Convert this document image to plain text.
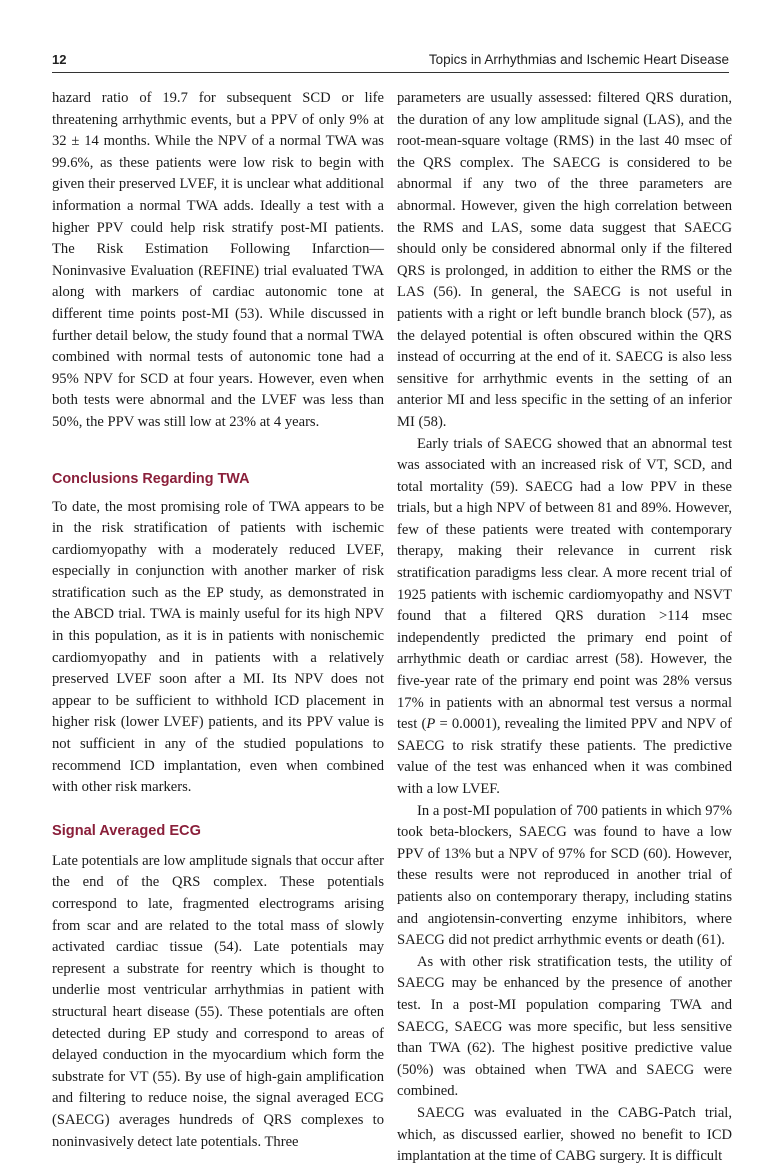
12	Topics in Arrhythmias and Ischemic Heart Disease

hazard ratio of 19.7 for subsequent SCD or life threatening arrhythmic events, but a PPV of only 9% at 32 ± 14 months. While the NPV of a normal TWA was 99.6%, as these patients were low risk to begin with given their preserved LVEF, it is unclear what additional information a normal TWA adds. Ideally a test with a higher PPV could help risk stratify post-MI patients. The Risk Estimation Following Infarction—Noninvasive Evaluation (REFINE) trial evaluated TWA along with markers of cardiac autonomic tone at different time points post-MI (53). While discussed in further detail below, the study found that a normal TWA combined with normal tests of autonomic tone had a 95% NPV for SCD at four years. However, even when both tests were abnormal and the LVEF was less than 50%, the PPV was still low at 23% at 4 years.

Conclusions Regarding TWA

To date, the most promising role of TWA appears to be in the risk stratification of patients with ischemic cardiomyopathy with a moderately reduced LVEF, especially in conjunction with another marker of risk stratification such as the EP study, as demonstrated in the ABCD trial. TWA is mainly useful for its high NPV in this population, as it is in patients with nonischemic cardiomyopathy and in patients with a relatively preserved LVEF soon after a MI. Its NPV does not appear to be sufficient to withhold ICD placement in higher risk (lower LVEF) patients, and its PPV value is not sufficient in any of the studied populations to recommend ICD implantation, even when combined with other risk markers.

Signal Averaged ECG

Late potentials are low amplitude signals that occur after the end of the QRS complex. These potentials correspond to late, fragmented electrograms arising from scar and are related to the total mass of slowly activated cardiac tissue (54). Late potentials may represent a substrate for reentry which is thought to underlie most ventricular arrhythmias in patient with structural heart disease (55). These potentials are often detected during EP study and correspond to areas of delayed conduction in the myocardium which form the substrate for VT (55). By use of high-gain amplification and filtering to reduce noise, the signal averaged ECG (SAECG) averages hundreds of QRS complexes to noninvasively detect late potentials. Three

parameters are usually assessed: filtered QRS duration, the duration of any low amplitude signal (LAS), and the root-mean-square voltage (RMS) in the last 40 msec of the QRS complex. The SAECG is considered to be abnormal if any two of the three parameters are abnormal. However, given the high correlation between the RMS and LAS, some data suggest that SAECG should only be considered abnormal only if the filtered QRS is prolonged, in addition to either the RMS or the LAS (56). In general, the SAECG is not useful in patients with a right or left bundle branch block (57), as the delayed potential is often obscured within the QRS instead of occurring at the end of it. SAECG is also less sensitive for arrhythmic events in the setting of an anterior MI and less specific in the setting of an inferior MI (58).

Early trials of SAECG showed that an abnormal test was associated with an increased risk of VT, SCD, and total mortality (59). SAECG had a low PPV in these trials, but a high NPV of between 81 and 89%. However, few of these patients were treated with contemporary therapy, making their relevance in current risk stratification paradigms less clear. A more recent trial of 1925 patients with ischemic cardiomyopathy and NSVT found that a filtered QRS duration >114 msec independently predicted the primary end point of arrhythmic death or cardiac arrest (58). However, the five-year rate of the primary end point was 28% versus 17% in patients with an abnormal test versus a normal test (P = 0.0001), revealing the limited PPV and NPV of SAECG to risk stratify these patients. The predictive value of the test was enhanced when it was combined with a low LVEF.

In a post-MI population of 700 patients in which 97% took beta-blockers, SAECG was found to have a low PPV of 13% but a NPV of 97% for SCD (60). However, these results were not reproduced in another trial of patients also on contemporary therapy, including statins and angiotensin-converting enzyme inhibitors, where SAECG did not predict arrhythmic events or death (61).

As with other risk stratification tests, the utility of SAECG may be enhanced by the presence of another test. In a post-MI population comparing TWA and SAECG, SAECG was more specific, but less sensitive than TWA (62). The highest positive predictive value (50%) was obtained when TWA and SAECG were combined.

SAECG was evaluated in the CABG-Patch trial, which, as discussed earlier, showed no benefit to ICD implantation at the time of CABG surgery. It is difficult
